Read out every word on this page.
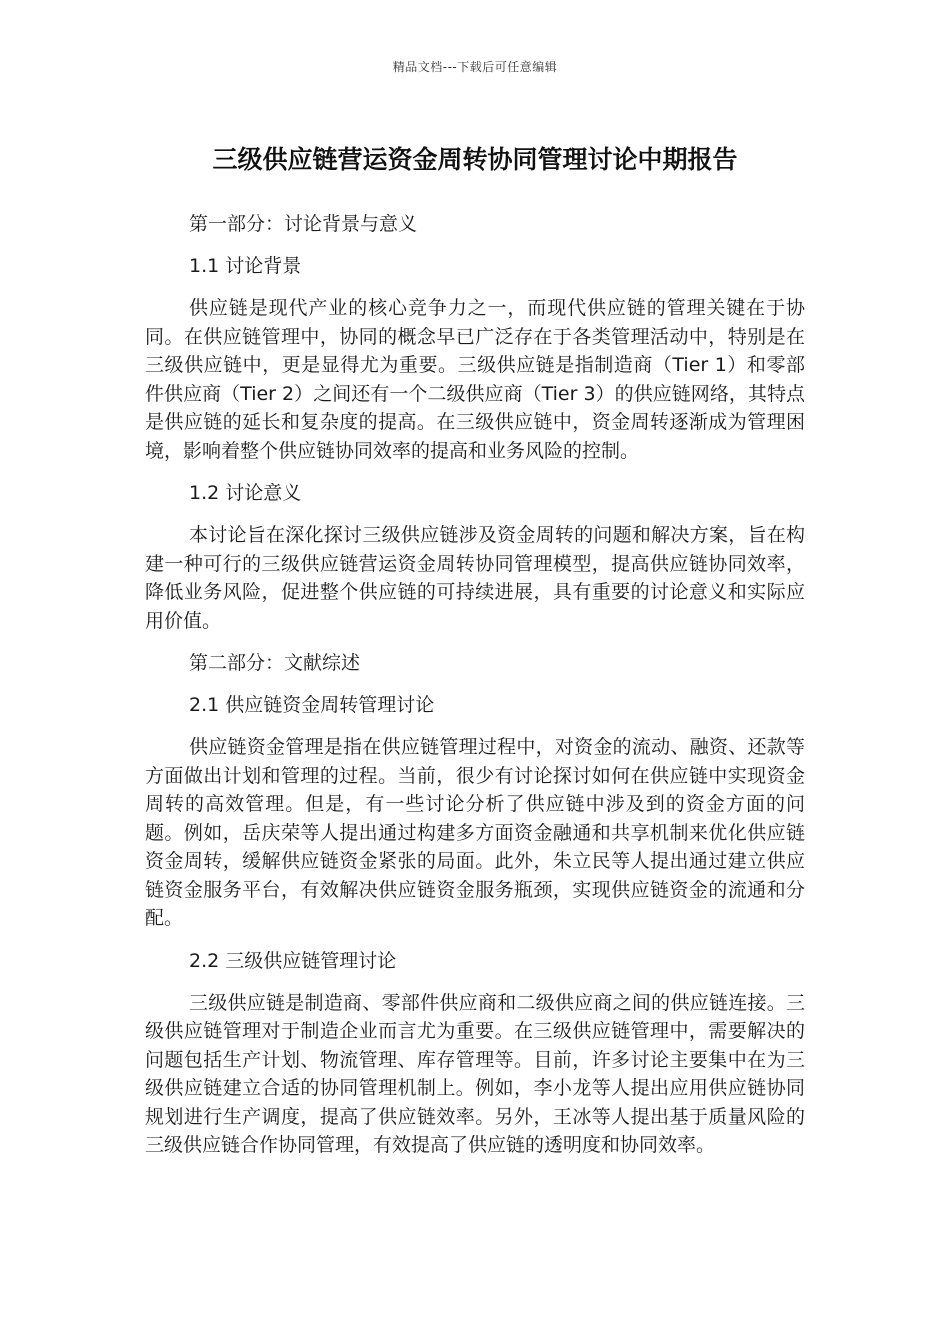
精品文档---下载后可任意编辑
三级供应链营运资金周转协同管理讨论中期报告

第一部分：讨论背景与意义

1.1 讨论背景

供应链是现代产业的核心竞争力之一，而现代供应链的管理关键在于协同。在供应链管理中，协同的概念早已广泛存在于各类管理活动中，特别是在三级供应链中，更是显得尤为重要。三级供应链是指制造商（Tier 1）和零部件供应商（Tier 2）之间还有一个二级供应商（Tier 3）的供应链网络，其特点是供应链的延长和复杂度的提高。在三级供应链中，资金周转逐渐成为管理困境，影响着整个供应链协同效率的提高和业务风险的控制。

1.2 讨论意义

本讨论旨在深化探讨三级供应链涉及资金周转的问题和解决方案，旨在构建一种可行的三级供应链营运资金周转协同管理模型，提高供应链协同效率，降低业务风险，促进整个供应链的可持续进展，具有重要的讨论意义和实际应用价值。

第二部分：文献综述

2.1 供应链资金周转管理讨论

供应链资金管理是指在供应链管理过程中，对资金的流动、融资、还款等方面做出计划和管理的过程。当前，很少有讨论探讨如何在供应链中实现资金周转的高效管理。但是，有一些讨论分析了供应链中涉及到的资金方面的问题。例如，岳庆荣等人提出通过构建多方面资金融通和共享机制来优化供应链资金周转，缓解供应链资金紧张的局面。此外，朱立民等人提出通过建立供应链资金服务平台，有效解决供应链资金服务瓶颈，实现供应链资金的流通和分配。

2.2 三级供应链管理讨论

三级供应链是制造商、零部件供应商和二级供应商之间的供应链连接。三级供应链管理对于制造企业而言尤为重要。在三级供应链管理中，需要解决的问题包括生产计划、物流管理、库存管理等。目前，许多讨论主要集中在为三级供应链建立合适的协同管理机制上。例如，李小龙等人提出应用供应链协同规划进行生产调度，提高了供应链效率。另外，王冰等人提出基于质量风险的三级供应链合作协同管理，有效提高了供应链的透明度和协同效率。
